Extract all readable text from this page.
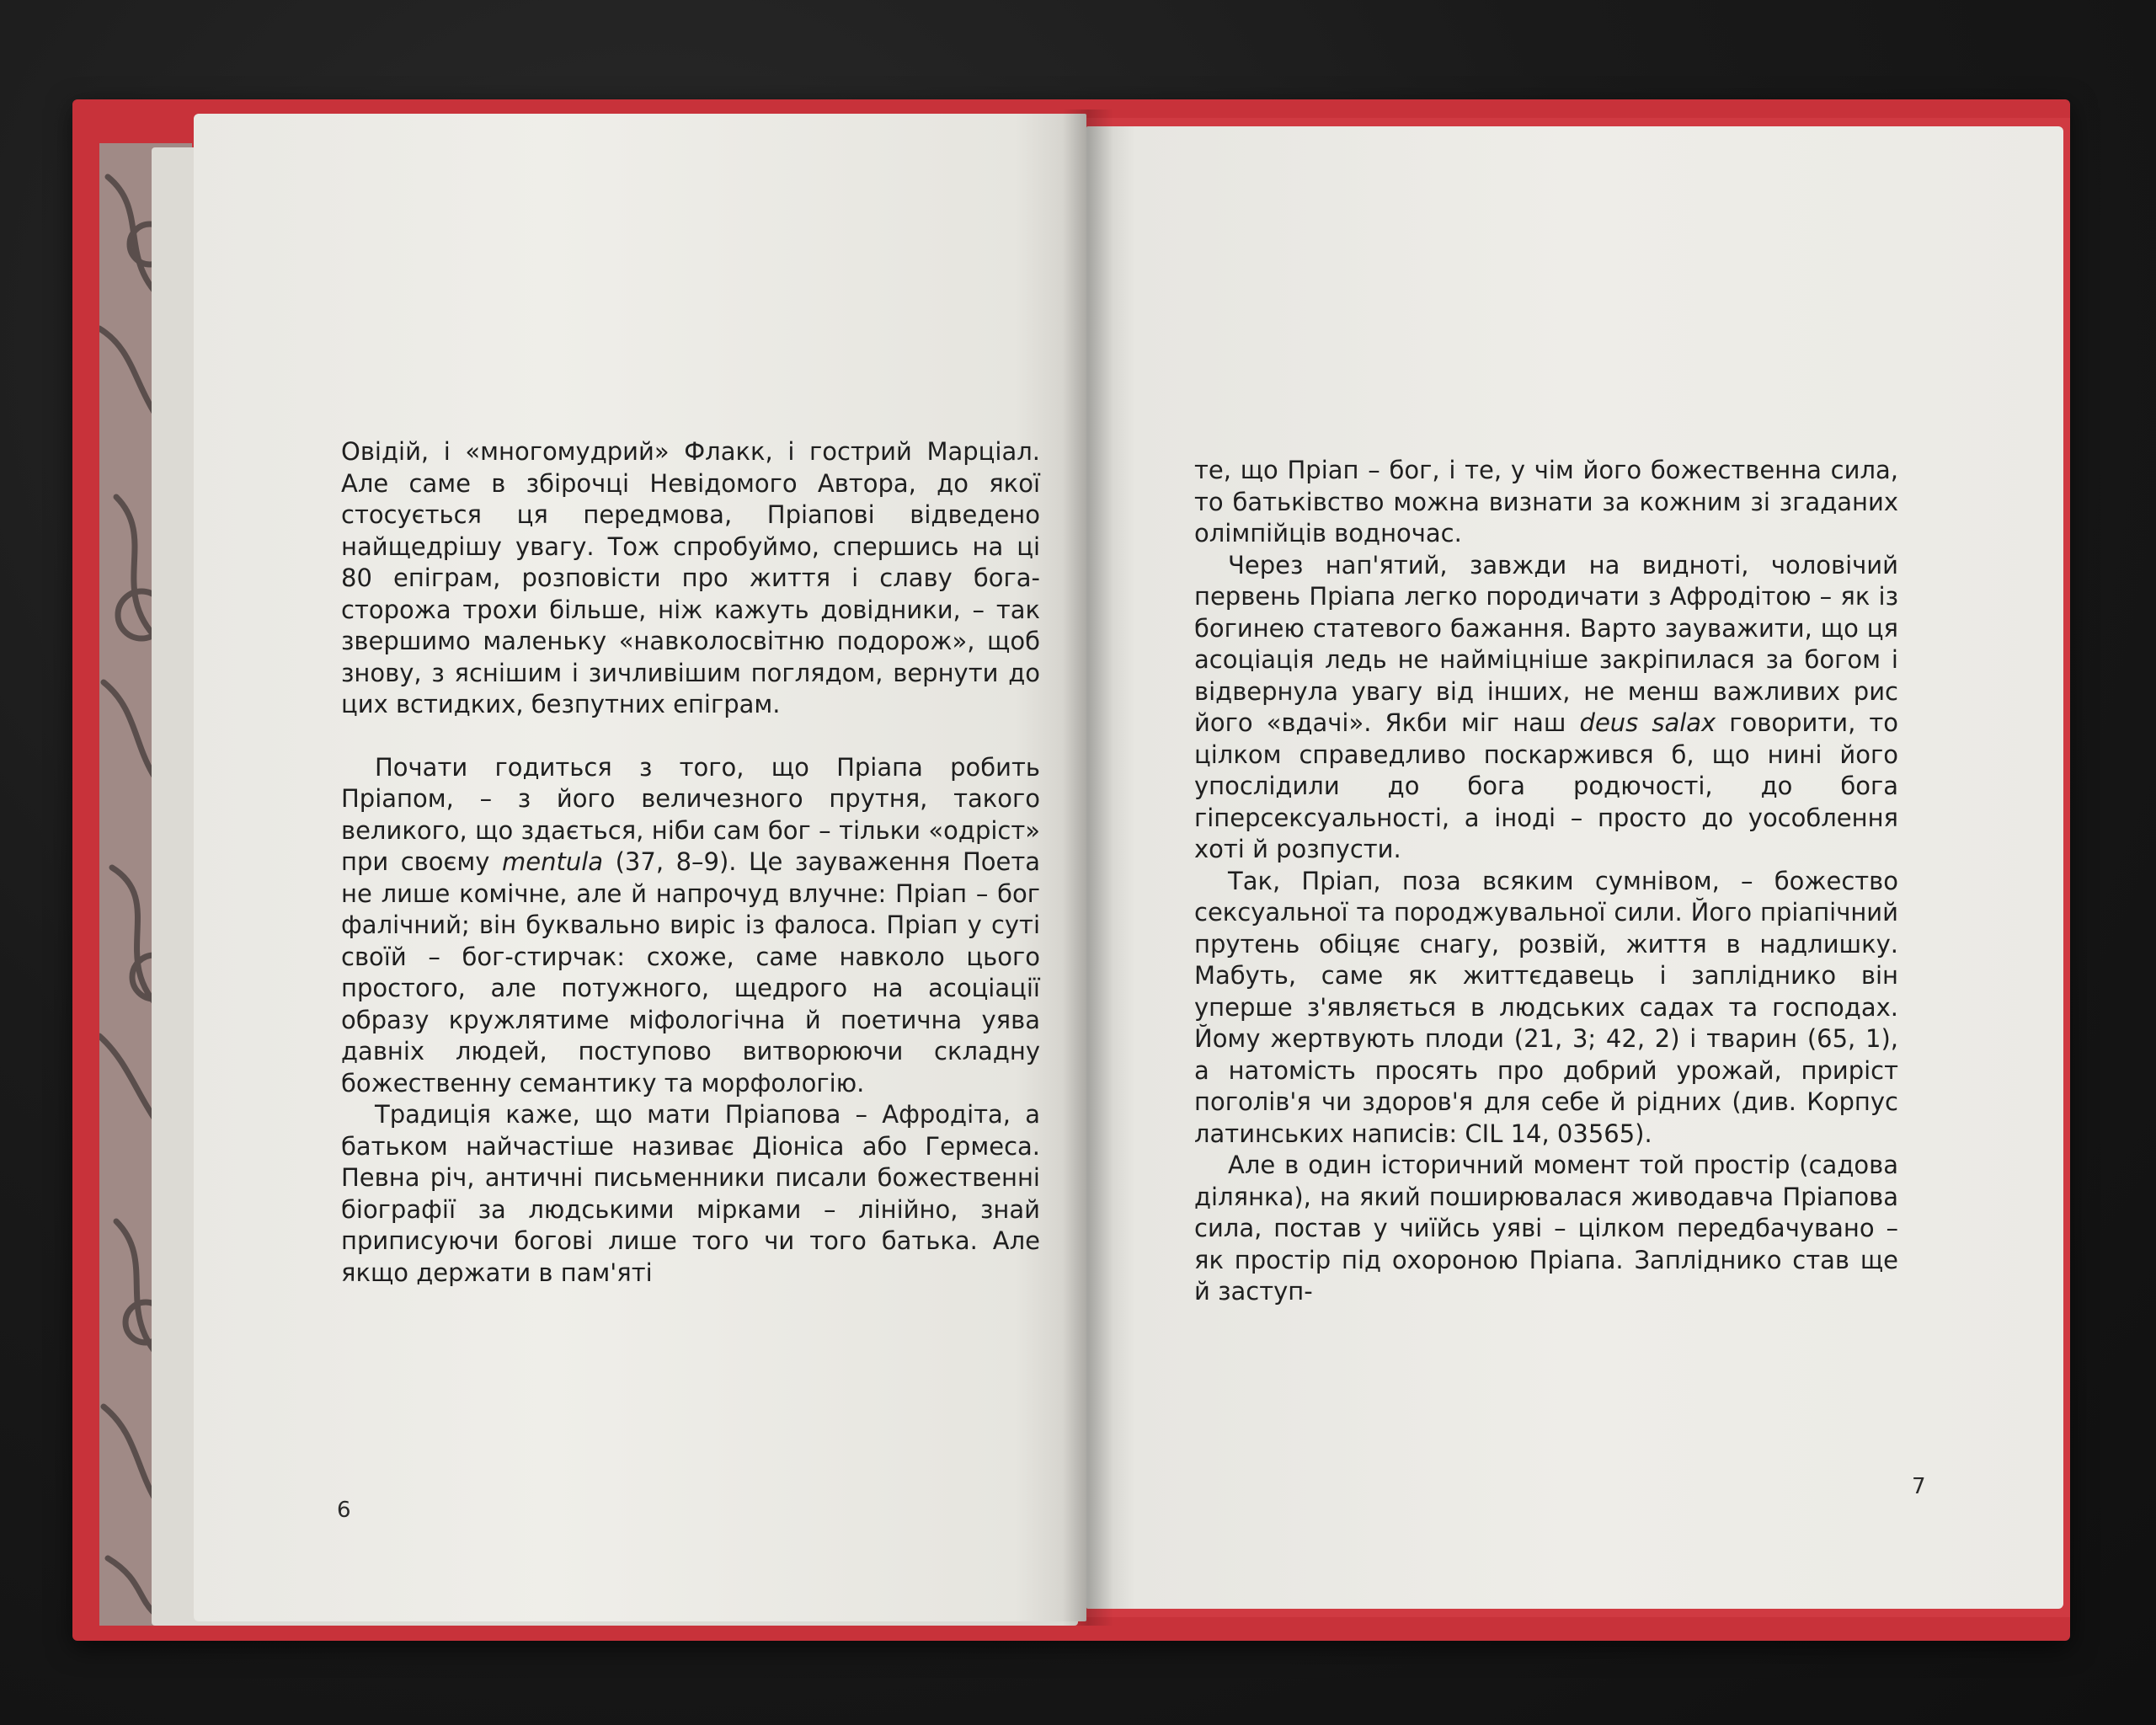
Овідій, і «многомудрий» Флакк, і гострий Марціал. Але саме в збірочці Невідомого Автора, до якої стосується ця передмова, Пріапові відведено найщедрішу увагу. Тож спробуймо, спершись на ці 80 епіграм, розповісти про життя і славу бога-сторожа трохи більше, ніж кажуть довідники, – так звершимо маленьку «навколосвітню подорож», щоб знову, з яснішим і зичливішим поглядом, вернути до цих встидких, безпутних епіграм.

Почати годиться з того, що Пріапа робить Пріапом, – з його величезного прутня, такого великого, що здається, ніби сам бог – тільки «одріст» при своєму mentula (37, 8–9). Це зауваження Поета не лише комічне, але й напрочуд влучне: Пріап – бог фалічний; він буквально виріс із фалоса. Пріап у суті своїй – бог-стирчак: схоже, саме навколо цього простого, але потужного, щедрого на асоціації образу кружлятиме міфологічна й поетична уява давніх людей, поступово витворюючи складну божественну семантику та морфологію.

Традиція каже, що мати Пріапова – Афродіта, а батьком найчастіше називає Діоніса або Гермеса. Певна річ, античні письменники писали божественні біографії за людськими мірками – лінійно, знай приписуючи богові лише того чи того батька. Але якщо держати в пам'яті

те, що Пріап – бог, і те, у чім його божественна сила, то батьківство можна визнати за кожним зі згаданих олімпійців водночас.

Через нап'ятий, завжди на видноті, чоловічий первень Пріапа легко породичати з Афродітою – як із богинею статевого бажання. Варто зауважити, що ця асоціація ледь не найміцніше закріпилася за богом і відвернула увагу від інших, не менш важливих рис його «вдачі». Якби міг наш deus salax говорити, то цілком справедливо поскаржився б, що нині його упослідили до бога родючості, до бога гіперсексуальності, а іноді – просто до уособлення хоті й розпусти.

Так, Пріап, поза всяким сумнівом, – божество сексуальної та породжувальної сили. Його пріапічний прутень обіцяє снагу, розвій, життя в надлишку. Мабуть, саме як життєдавець і запліднико він уперше з'являється в людських садах та господах. Йому жертвують плоди (21, 3; 42, 2) і тварин (65, 1), а натомість просять про добрий урожай, приріст поголів'я чи здоров'я для себе й рідних (див. Корпус латинських написів: CIL 14, 03565).

Але в один історичний момент той простір (садова ділянка), на який поширювалася живодавча Пріапова сила, постав у чиїйсь уяві – цілком передбачувано – як простір під охороною Пріапа. Запліднико став ще й заступ-

6
7
